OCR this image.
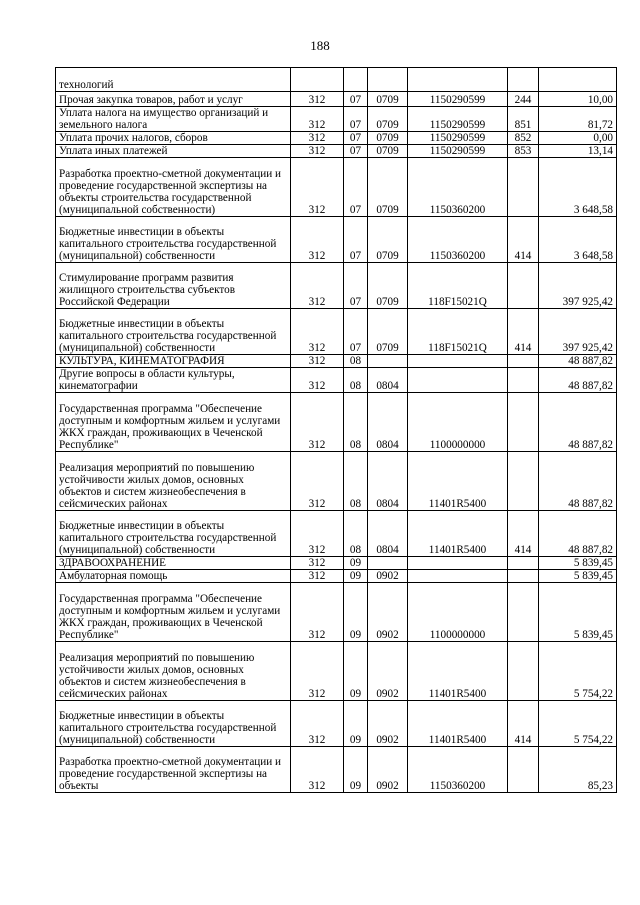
188
технологий						
Прочая закупка товаров, работ и услуг	312	07	0709	1150290599	244	10,00
Уплата налога на имущество организаций и земельного налога	312	07	0709	1150290599	851	81,72
Уплата прочих налогов, сборов	312	07	0709	1150290599	852	0,00
Уплата иных платежей	312	07	0709	1150290599	853	13,14
Разработка проектно-сметной документации и проведение государственной экспертизы на объекты строительства государственной (муниципальной собственности)	312	07	0709	1150360200		3 648,58
Бюджетные инвестиции в объекты капитального строительства государственной (муниципальной) собственности	312	07	0709	1150360200	414	3 648,58
Стимулирование программ развития жилищного строительства субъектов Российской Федерации	312	07	0709	118F15021Q		397 925,42
Бюджетные инвестиции в объекты капитального строительства государственной (муниципальной) собственности	312	07	0709	118F15021Q	414	397 925,42
КУЛЬТУРА, КИНЕМАТОГРАФИЯ	312	08				48 887,82
Другие вопросы в области культуры, кинематографии	312	08	0804			48 887,82
Государственная программа "Обеспечение доступным и комфортным жильем и услугами ЖКХ граждан, проживающих в Чеченской Республике"	312	08	0804	1100000000		48 887,82
Реализация мероприятий по повышению устойчивости жилых домов, основных объектов и систем жизнеобеспечения в сейсмических районах	312	08	0804	11401R5400		48 887,82
Бюджетные инвестиции в объекты капитального строительства государственной (муниципальной) собственности	312	08	0804	11401R5400	414	48 887,82
ЗДРАВООХРАНЕНИЕ	312	09				5 839,45
Амбулаторная помощь	312	09	0902			5 839,45
Государственная программа "Обеспечение доступным и комфортным жильем и услугами ЖКХ граждан, проживающих в Чеченской Республике"	312	09	0902	1100000000		5 839,45
Реализация мероприятий по повышению устойчивости жилых домов, основных объектов и систем жизнеобеспечения в сейсмических районах	312	09	0902	11401R5400		5 754,22
Бюджетные инвестиции в объекты капитального строительства государственной (муниципальной) собственности	312	09	0902	11401R5400	414	5 754,22
Разработка проектно-сметной документации и проведение государственной экспертизы на объекты	312	09	0902	1150360200		85,23
